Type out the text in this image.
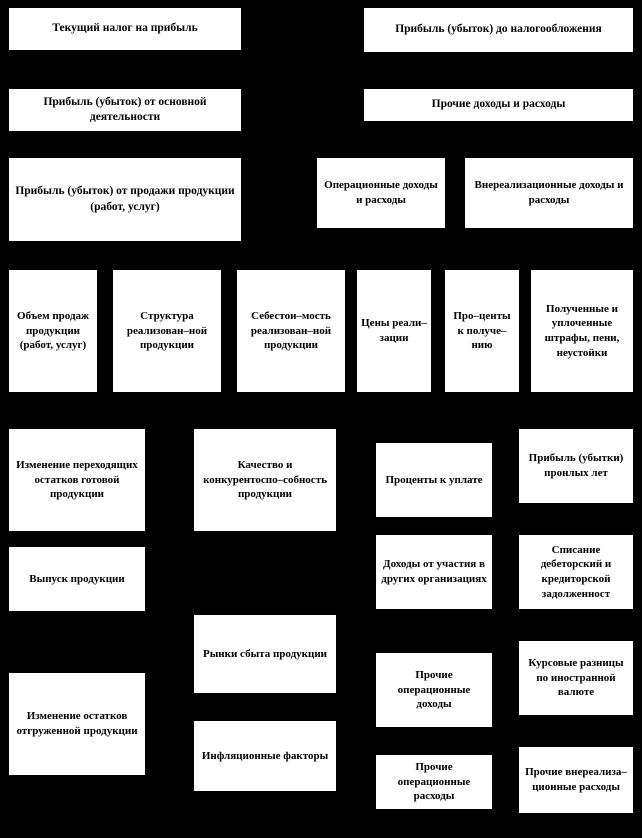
Текущий налог на прибыль	Прибыль (убыток) до налогообложения
Прибыль (убыток) от основной деятельности
Прочие доходы и расходы
Прибыль (убыток) от продажи продукции (работ, услуг)
Операционные доходы и расходы
Внереализационные доходы и расходы
Объем продаж продукции (работ, услуг)
Структура реализован–ной продукции
Себестои–мость реализован–ной продукции
Цены реали–зации
Про–центы к получе–нию
Полученные и уплоченные штрафы, пени, неустойки
Изменение переходящих остатков готовой продукции
Качество и конкурентоспо–собность продукции
Проценты к уплате
Прибыль (убытки) пронлых лет
Выпуск продукции
Доходы от участия в других организациях
Списание дебеторский и кредиторской задолженност
Рынки сбыта продукции
Прочие операционные доходы
Курсовые разницы по иностранной валюте
Изменение остатков отгруженной продукции
Инфляционные факторы
Прочие операционные расходы
Прочие внереализа–ционные расходы
